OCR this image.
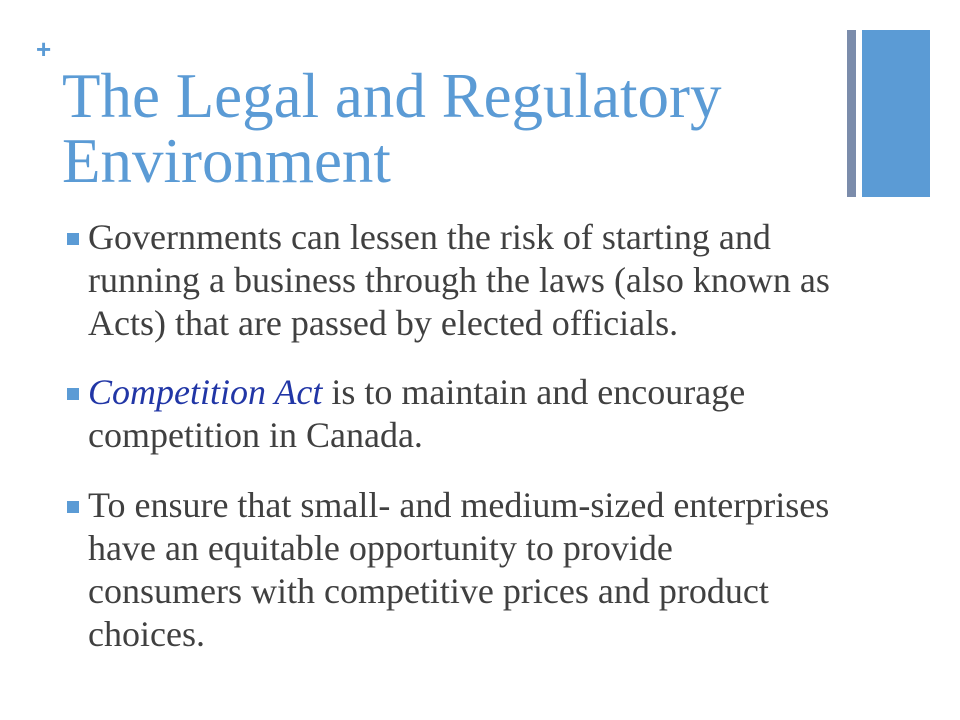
+
The Legal and Regulatory
Environment
Governments can lessen the risk of starting and
running a business through the laws (also known as
Acts) that are passed by elected officials.
Competition Act is to maintain and encourage
competition in Canada.
To ensure that small- and medium-sized enterprises
have an equitable opportunity to provide
consumers with competitive prices and product
choices.
